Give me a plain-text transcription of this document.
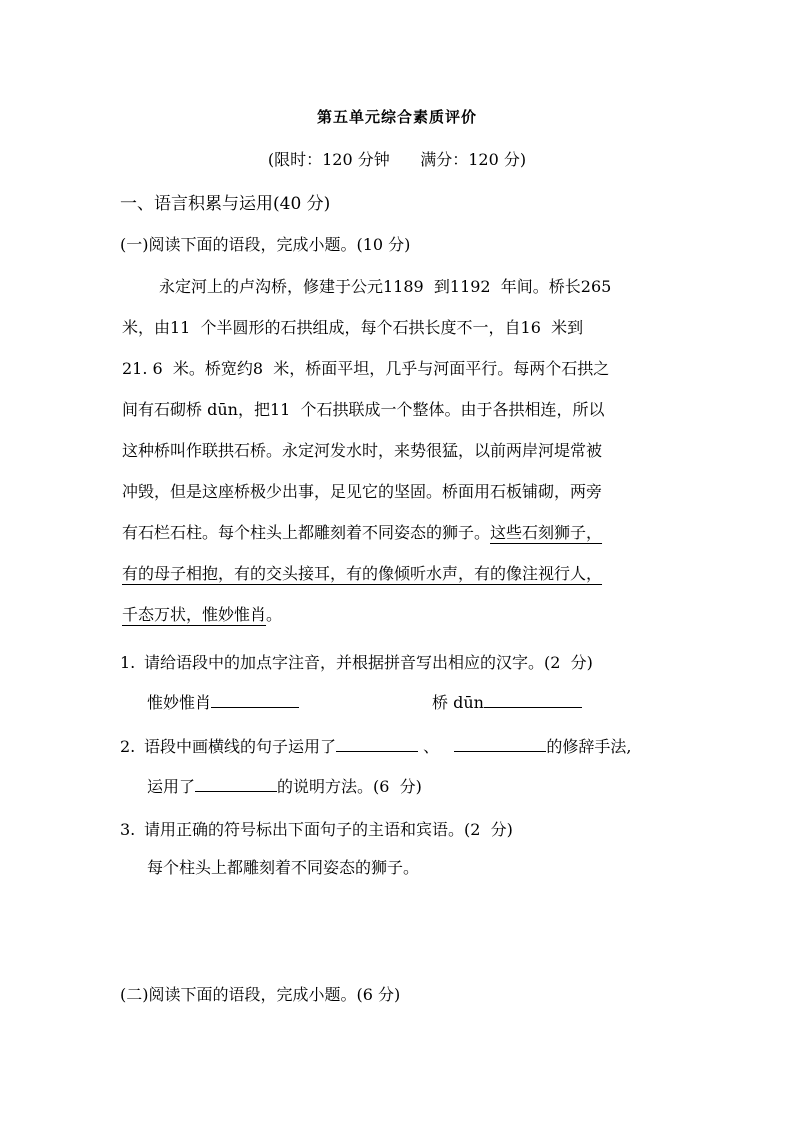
第五单元综合素质评价
(限时：120 分钟 满分：120 分)
一、语言积累与运用(40 分)
(一)阅读下面的语段，完成小题。(10 分)
永定河上的卢沟桥，修建于公元1189  到1192  年间。桥长265
米，由11  个半圆形的石拱组成，每个石拱长度不一，自16  米到
21. 6  米。桥宽约8  米，桥面平坦，几乎与河面平行。每两个石拱之
间有石砌桥 dūn，把11  个石拱联成一个整体。由于各拱相连，所以
这种桥叫作联拱石桥。永定河发水时，来势很猛，以前两岸河堤常被
冲毁，但是这座桥极少出事，足见它的坚固。桥面用石板铺砌，两旁
有石栏石柱。每个柱头上都雕刻着不同姿态的狮子。这些石刻狮子，
有的母子相抱，有的交头接耳，有的像倾听水声，有的像注视行人，
千态万状，惟妙惟肖。
1. 请给语段中的加点字注音，并根据拼音写出相应的汉字。(2  分)
惟妙惟肖	桥 dūn
2. 语段中画横线的句子运用了	、	的修辞手法,
运用了	的说明方法。(6  分)
3. 请用正确的符号标出下面句子的主语和宾语。(2  分)
每个柱头上都雕刻着不同姿态的狮子。
(二)阅读下面的语段，完成小题。(6 分)
